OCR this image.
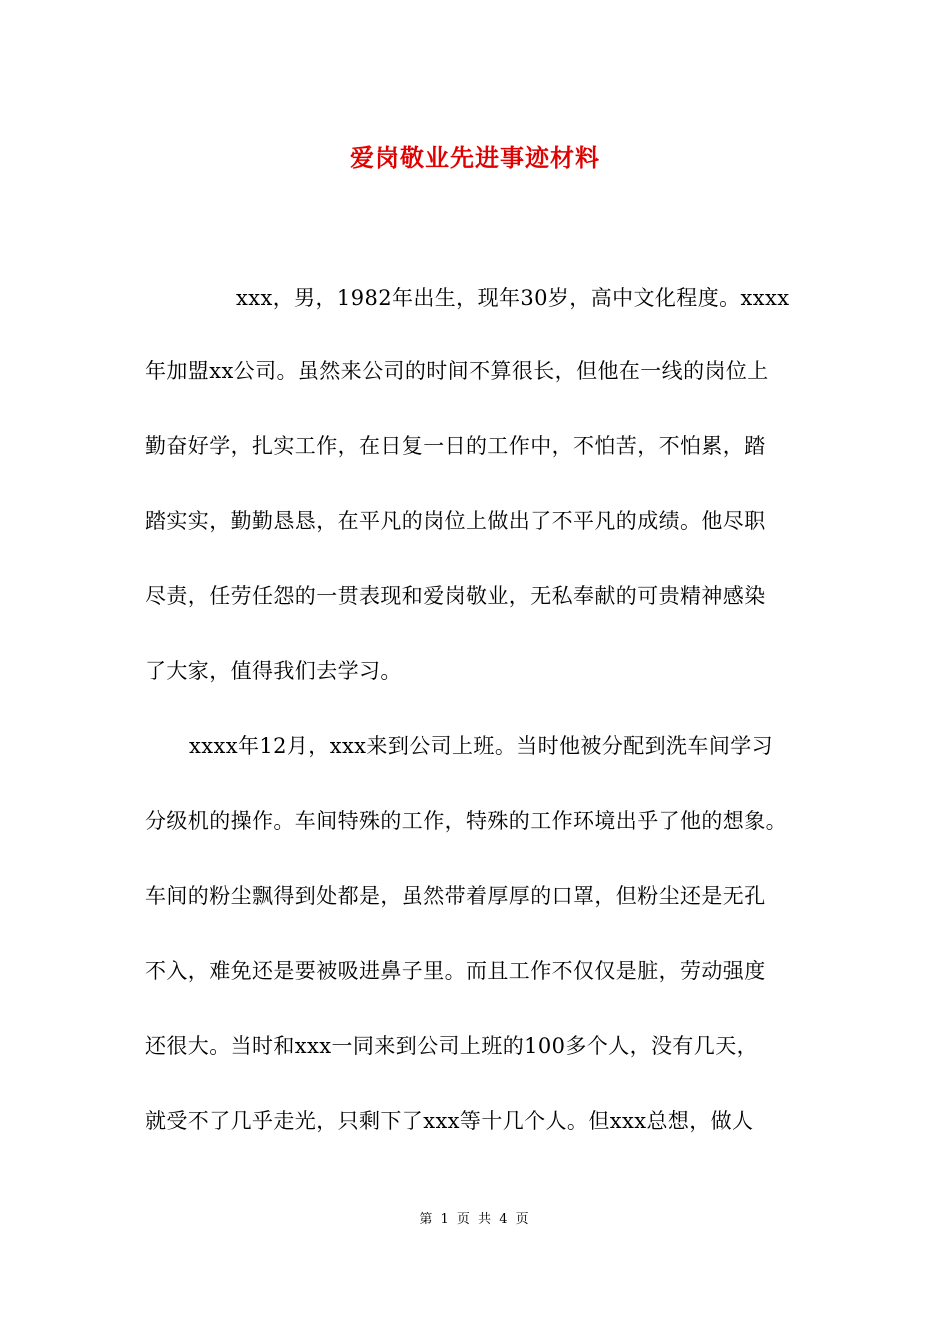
爱岗敬业先进事迹材料
xxx，男，1982年出生，现年30岁，高中文化程度。xxxx
年加盟xx公司。虽然来公司的时间不算很长，但他在一线的岗位上
勤奋好学，扎实工作，在日复一日的工作中，不怕苦，不怕累，踏
踏实实，勤勤恳恳，在平凡的岗位上做出了不平凡的成绩。他尽职
尽责，任劳任怨的一贯表现和爱岗敬业，无私奉献的可贵精神感染
了大家，值得我们去学习。
xxxx年12月，xxx来到公司上班。当时他被分配到洗车间学习
分级机的操作。车间特殊的工作，特殊的工作环境出乎了他的想象。
车间的粉尘飘得到处都是，虽然带着厚厚的口罩，但粉尘还是无孔
不入，难免还是要被吸进鼻子里。而且工作不仅仅是脏，劳动强度
还很大。当时和xxx一同来到公司上班的100多个人，没有几天，
就受不了几乎走光，只剩下了xxx等十几个人。但xxx总想，做人
第 1 页 共 4 页
